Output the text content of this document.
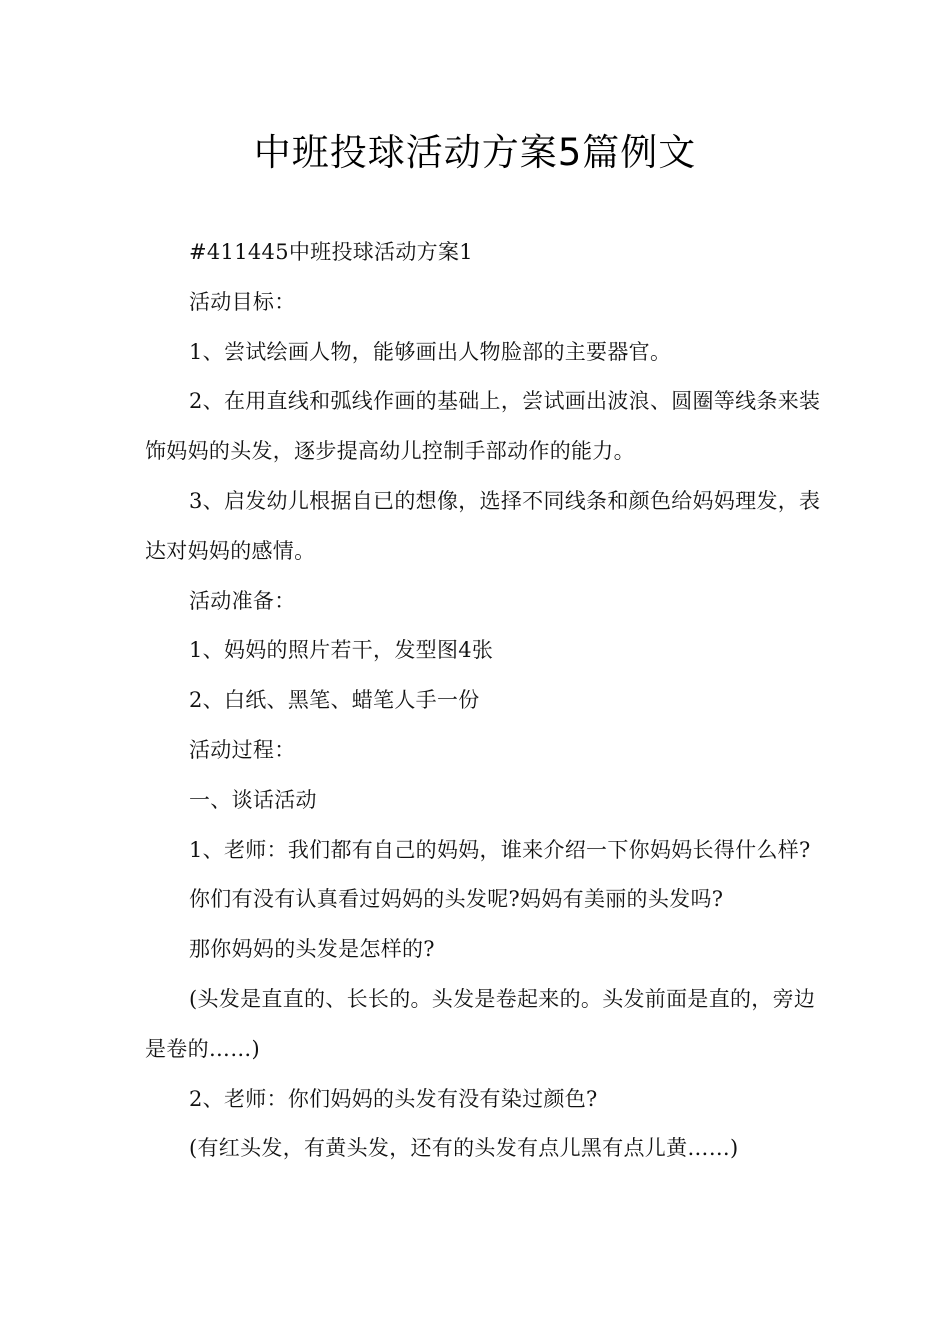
中班投球活动方案5篇例文

#411445中班投球活动方案1

活动目标：

1、尝试绘画人物，能够画出人物脸部的主要器官。

2、在用直线和弧线作画的基础上，尝试画出波浪、圆圈等线条来装饰妈妈的头发，逐步提高幼儿控制手部动作的能力。

3、启发幼儿根据自已的想像，选择不同线条和颜色给妈妈理发，表达对妈妈的感情。

活动准备：

1、妈妈的照片若干，发型图4张

2、白纸、黑笔、蜡笔人手一份

活动过程：

一、谈话活动

1、老师：我们都有自己的妈妈，谁来介绍一下你妈妈长得什么样?

你们有没有认真看过妈妈的头发呢?妈妈有美丽的头发吗?

那你妈妈的头发是怎样的?

(头发是直直的、长长的。头发是卷起来的。头发前面是直的，旁边是卷的……)

2、老师：你们妈妈的头发有没有染过颜色?

(有红头发，有黄头发，还有的头发有点儿黑有点儿黄……)
